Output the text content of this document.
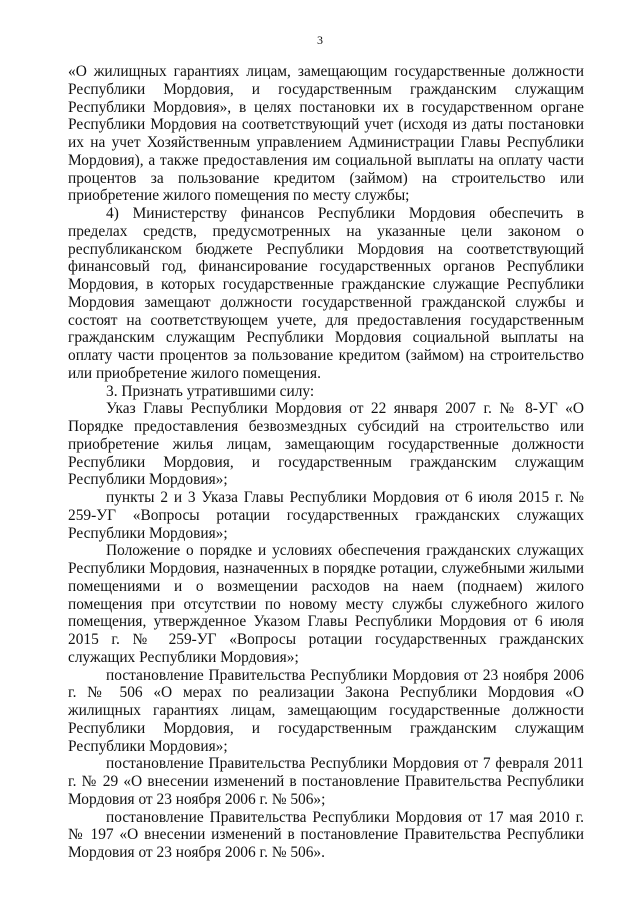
3

«О жилищных гарантиях лицам, замещающим государственные должности Республики Мордовия, и государственным гражданским служащим Республики Мордовия», в целях постановки их в государственном органе Республики Мордовия на соответствующий учет (исходя из даты постановки их на учет Хозяйственным управлением Администрации Главы Республики Мордовия), а также предоставления им социальной выплаты на оплату части процентов за пользование кредитом (займом) на строительство или приобретение жилого помещения по месту службы;

4) Министерству финансов Республики Мордовия обеспечить в пределах средств, предусмотренных на указанные цели законом о республиканском бюджете Республики Мордовия на соответствующий финансовый год, финансирование государственных органов Республики Мордовия, в которых государственные гражданские служащие Республики Мордовия замещают должности государственной гражданской службы и состоят на соответствующем учете, для предоставления государственным гражданским служащим Республики Мордовия социальной выплаты на оплату части процентов за пользование кредитом (займом) на строительство или приобретение жилого помещения.

3. Признать утратившими силу:

Указ Главы Республики Мордовия от 22 января 2007 г. № 8-УГ «О Порядке предоставления безвозмездных субсидий на строительство или приобретение жилья лицам, замещающим государственные должности Республики Мордовия, и государственным гражданским служащим Республики Мордовия»;

пункты 2 и 3 Указа Главы Республики Мордовия от 6 июля 2015 г. № 259-УГ «Вопросы ротации государственных гражданских служащих Республики Мордовия»;

Положение о порядке и условиях обеспечения гражданских служащих Республики Мордовия, назначенных в порядке ротации, служебными жилыми помещениями и о возмещении расходов на наем (поднаем) жилого помещения при отсутствии по новому месту службы служебного жилого помещения, утвержденное Указом Главы Республики Мордовия от 6 июля 2015 г. № 259-УГ «Вопросы ротации государственных гражданских служащих Республики Мордовия»;

постановление Правительства Республики Мордовия от 23 ноября 2006 г. № 506 «О мерах по реализации Закона Республики Мордовия «О жилищных гарантиях лицам, замещающим государственные должности Республики Мордовия, и государственным гражданским служащим Республики Мордовия»;

постановление Правительства Республики Мордовия от 7 февраля 2011 г. № 29 «О внесении изменений в постановление Правительства Республики Мордовия от 23 ноября 2006 г. № 506»;

постановление Правительства Республики Мордовия от 17 мая 2010 г. № 197 «О внесении изменений в постановление Правительства Республики Мордовия от 23 ноября 2006 г. № 506».
